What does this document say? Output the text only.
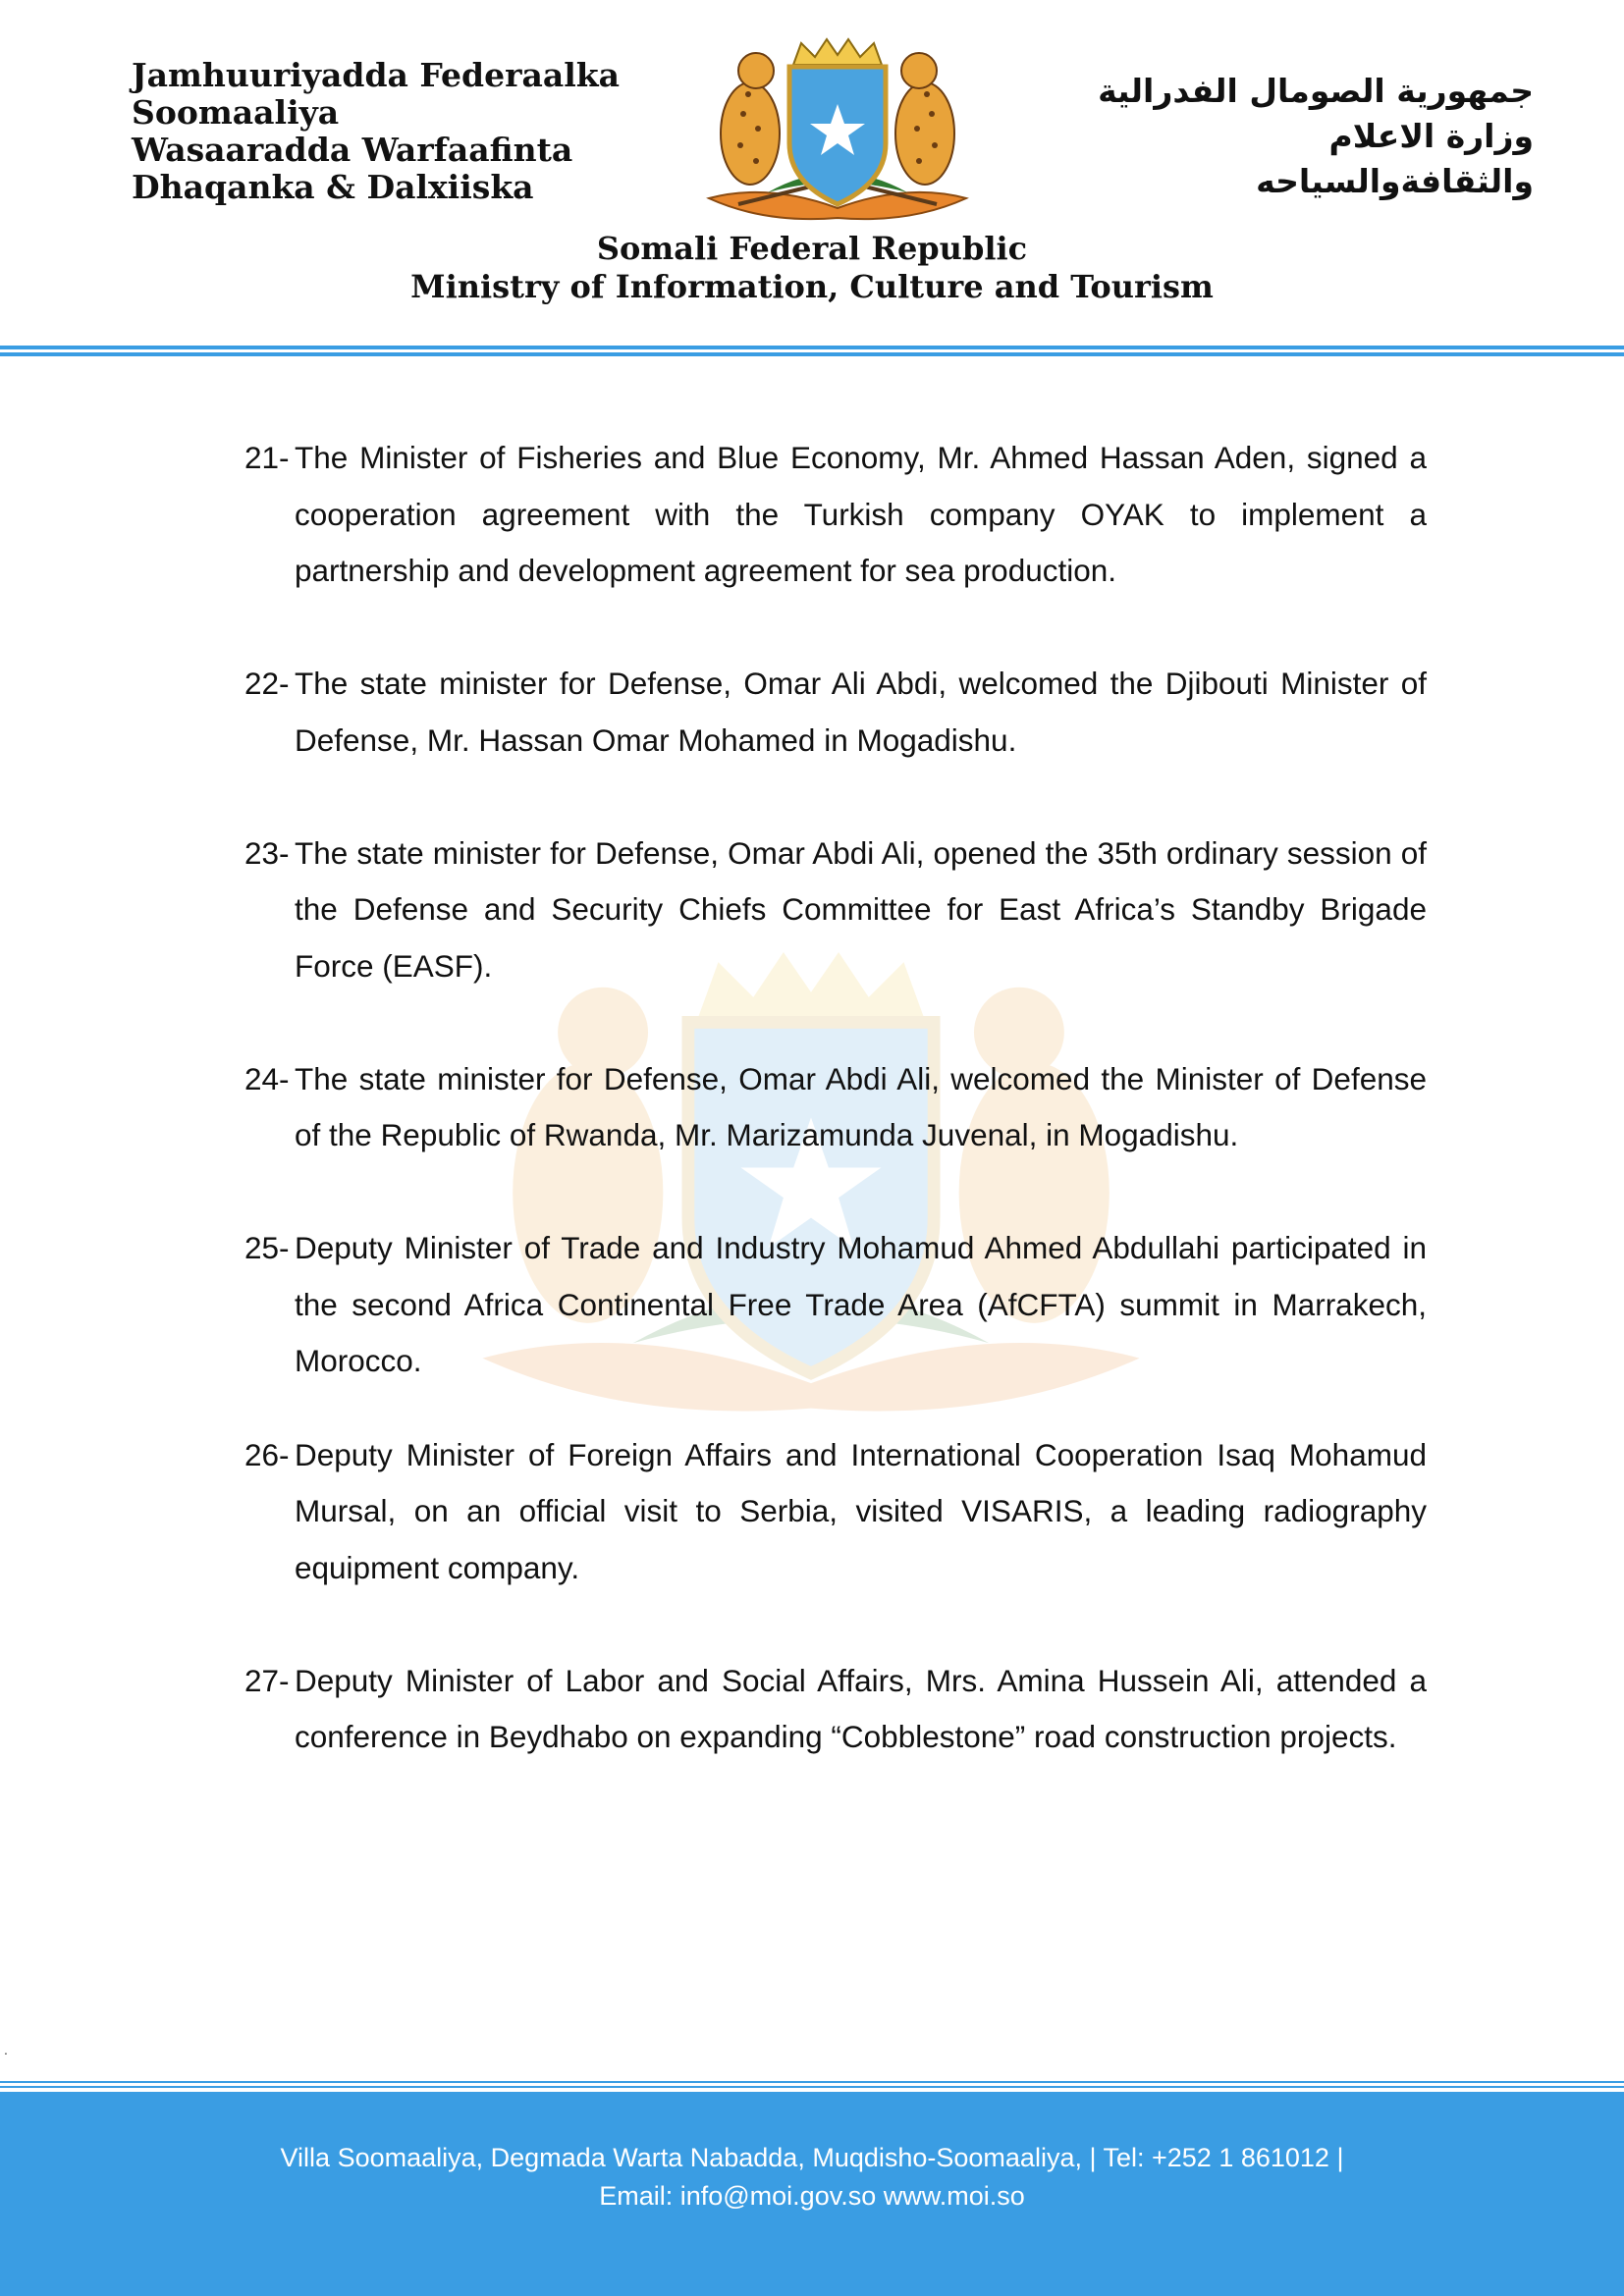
Jamhuuriyadda Federaalka
Soomaaliya
Wasaaradda Warfaafinta
Dhaqanka & Dalxiiska
جمهورية الصومال الفدرالية
وزارة الاعلام
والثقافةوالسياحه
Somali Federal Republic
Ministry of Information, Culture and Tourism
21- The Minister of Fisheries and Blue Economy, Mr. Ahmed Hassan Aden, signed a cooperation agreement with the Turkish company OYAK to implement a partnership and development agreement for sea production.
22- The state minister for Defense, Omar Ali Abdi, welcomed the Djibouti Minister of Defense, Mr. Hassan Omar Mohamed in Mogadishu.
23- The state minister for Defense, Omar Abdi Ali, opened the 35th ordinary session of the Defense and Security Chiefs Committee for East Africa’s Standby Brigade Force (EASF).
24- The state minister for Defense, Omar Abdi Ali, welcomed the Minister of Defense of the Republic of Rwanda, Mr. Marizamunda Juvenal, in Mogadishu.
25- Deputy Minister of Trade and Industry Mohamud Ahmed Abdullahi participated in the second Africa Continental Free Trade Area (AfCFTA) summit in Marrakech, Morocco.
26- Deputy Minister of Foreign Affairs and International Cooperation Isaq Mohamud Mursal, on an official visit to Serbia, visited VISARIS, a leading radiography equipment company.
27- Deputy Minister of Labor and Social Affairs, Mrs. Amina Hussein Ali, attended a conference in Beydhabo on expanding “Cobblestone” road construction projects.
.
Villa Soomaaliya, Degmada Warta Nabadda, Muqdisho-Soomaaliya, | Tel: +252 1 861012 |
Email: info@moi.gov.so www.moi.so
